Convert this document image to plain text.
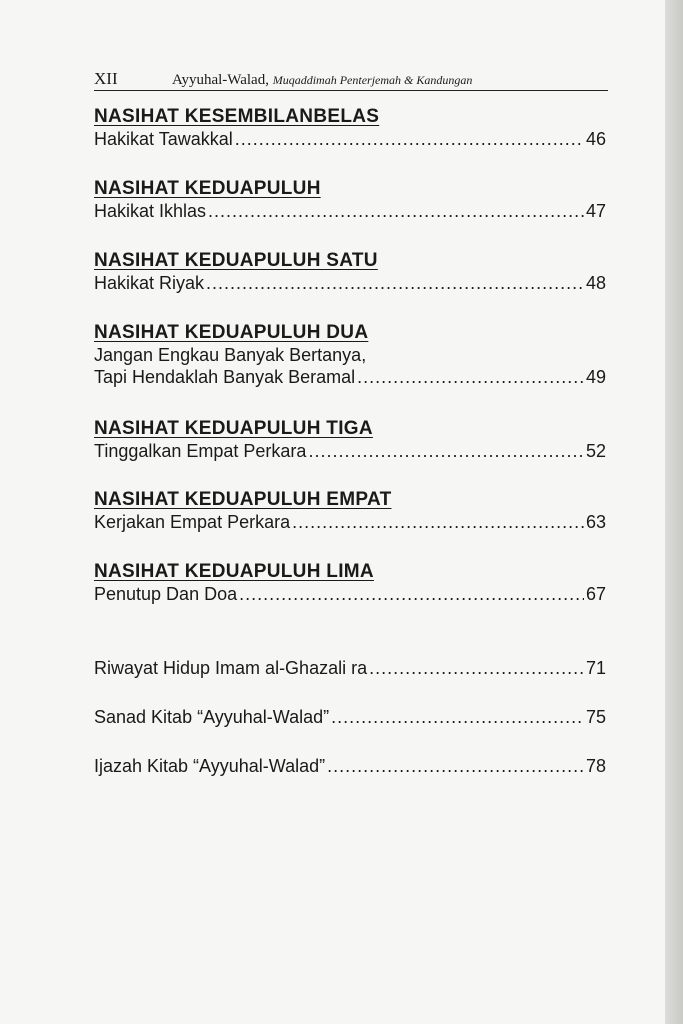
XII	Ayyuhal-Walad, Muqaddimah Penterjemah & Kandungan
NASIHAT KESEMBILANBELAS
Hakikat Tawakkal .....	46
NASIHAT KEDUAPULUH
Hakikat Ikhlas .....	47
NASIHAT KEDUAPULUH SATU
Hakikat Riyak .....	48
NASIHAT KEDUAPULUH DUA
Jangan Engkau Banyak Bertanya,
Tapi Hendaklah Banyak Beramal .....	49
NASIHAT KEDUAPULUH TIGA
Tinggalkan Empat Perkara .....	52
NASIHAT KEDUAPULUH EMPAT
Kerjakan Empat Perkara .....	63
NASIHAT KEDUAPULUH LIMA
Penutup Dan Doa .....	67
Riwayat Hidup Imam al-Ghazali ra .....	71
Sanad Kitab “Ayyuhal-Walad” .....	75
Ijazah Kitab “Ayyuhal-Walad” .....	78
